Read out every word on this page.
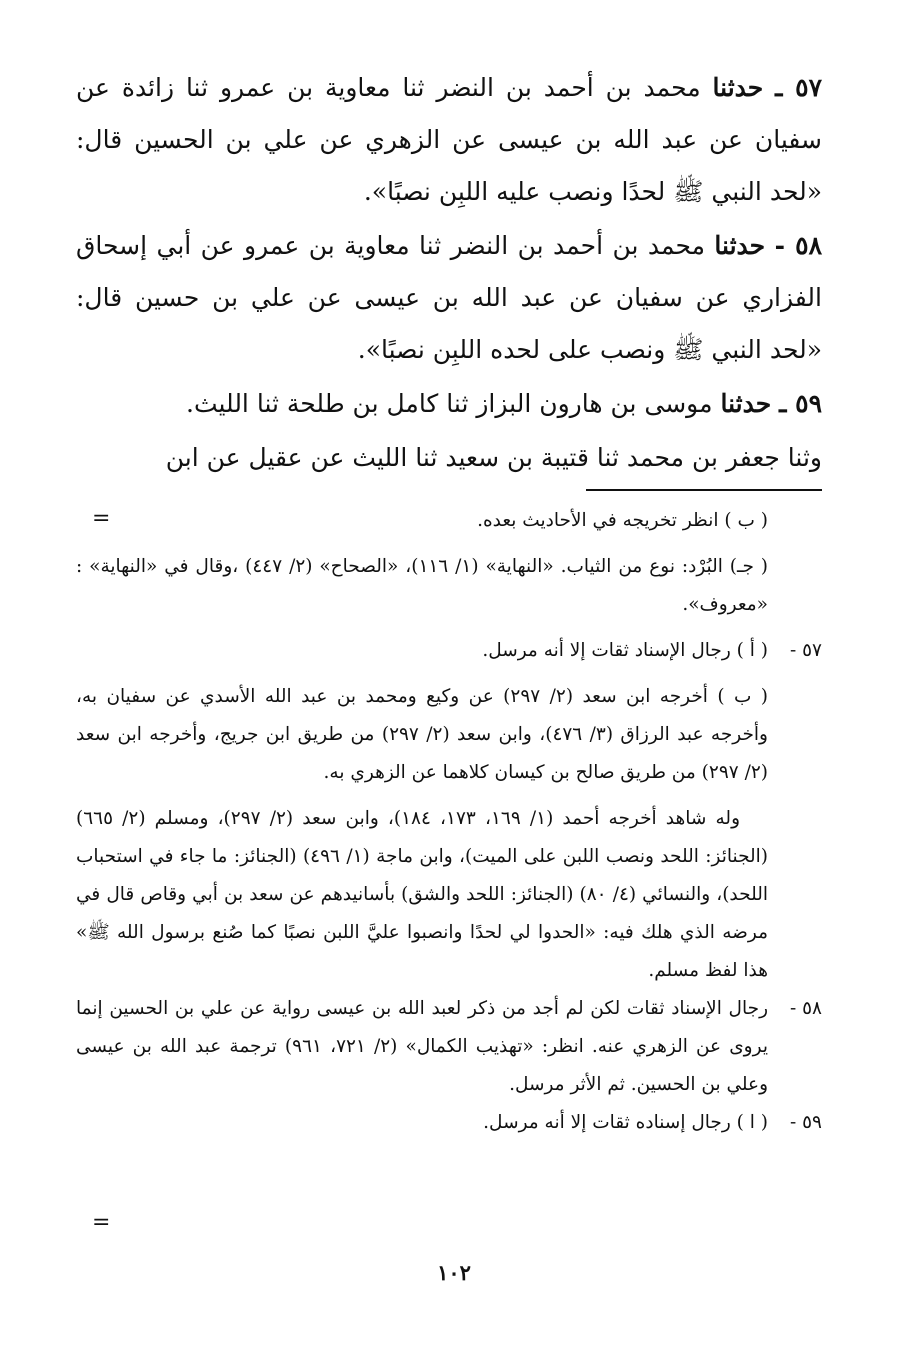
٥٧ ـ حدثنا محمد بن أحمد بن النضر ثنا معاوية بن عمرو ثنا زائدة عن سفيان عن عبد الله بن عيسى عن الزهري عن علي بن الحسين قال: «لحد النبي ﷺ لحدًا ونصب عليه اللبِن نصبًا».

٥٨ - حدثنا محمد بن أحمد بن النضر ثنا معاوية بن عمرو عن أبي إسحاق الفزاري عن سفيان عن عبد الله بن عيسى عن علي بن حسين قال: «لحد النبي ﷺ ونصب على لحده اللبِن نصبًا».

٥٩ ـ حدثنا موسى بن هارون البزاز ثنا كامل بن طلحة ثنا الليث.

وثنا جعفر بن محمد ثنا قتيبة بن سعيد ثنا الليث عن عقيل عن ابن

=	( ب ) انظر تخريجه في الأحاديث بعده.

( جـ) البُرْد: نوع من الثياب. «النهاية» (١/ ١١٦)، «الصحاح» (٢/ ٤٤٧) ،وقال في «النهاية» : «معروف».

٥٧ -
( أ ) رجال الإسناد ثقات إلا أنه مرسل.

( ب ) أخرجه ابن سعد (٢/ ٢٩٧) عن وكيع ومحمد بن عبد الله الأسدي عن سفيان به، وأخرجه عبد الرزاق (٣/ ٤٧٦)، وابن سعد (٢/ ٢٩٧) من طريق ابن جريج، وأخرجه ابن سعد (٢/ ٢٩٧) من طريق صالح بن كيسان كلاهما عن الزهري به.

وله شاهد أخرجه أحمد (١/ ١٦٩، ١٧٣، ١٨٤)، وابن سعد (٢/ ٢٩٧)، ومسلم (٢/ ٦٦٥) (الجنائز: اللحد ونصب اللبن على الميت)، وابن ماجة (١/ ٤٩٦) (الجنائز: ما جاء في استحباب اللحد)، والنسائي (٤/ ٨٠) (الجنائز: اللحد والشق) بأسانيدهم عن سعد بن أبي وقاص قال في مرضه الذي هلك فيه: «الحدوا لي لحدًا وانصبوا عليَّ اللبن نصبًا كما صُنع برسول الله ﷺ» هذا لفظ مسلم.

٥٨ -
رجال الإسناد ثقات لكن لم أجد من ذكر لعبد الله بن عيسى رواية عن علي بن الحسين إنما يروى عن الزهري عنه. انظر: «تهذيب الكمال» (٢/ ٧٢١، ٩٦١) ترجمة عبد الله بن عيسى وعلي بن الحسين. ثم الأثر مرسل.

٥٩ -
( ا ) رجال إسناده ثقات إلا أنه مرسل.

=
١٠٢
